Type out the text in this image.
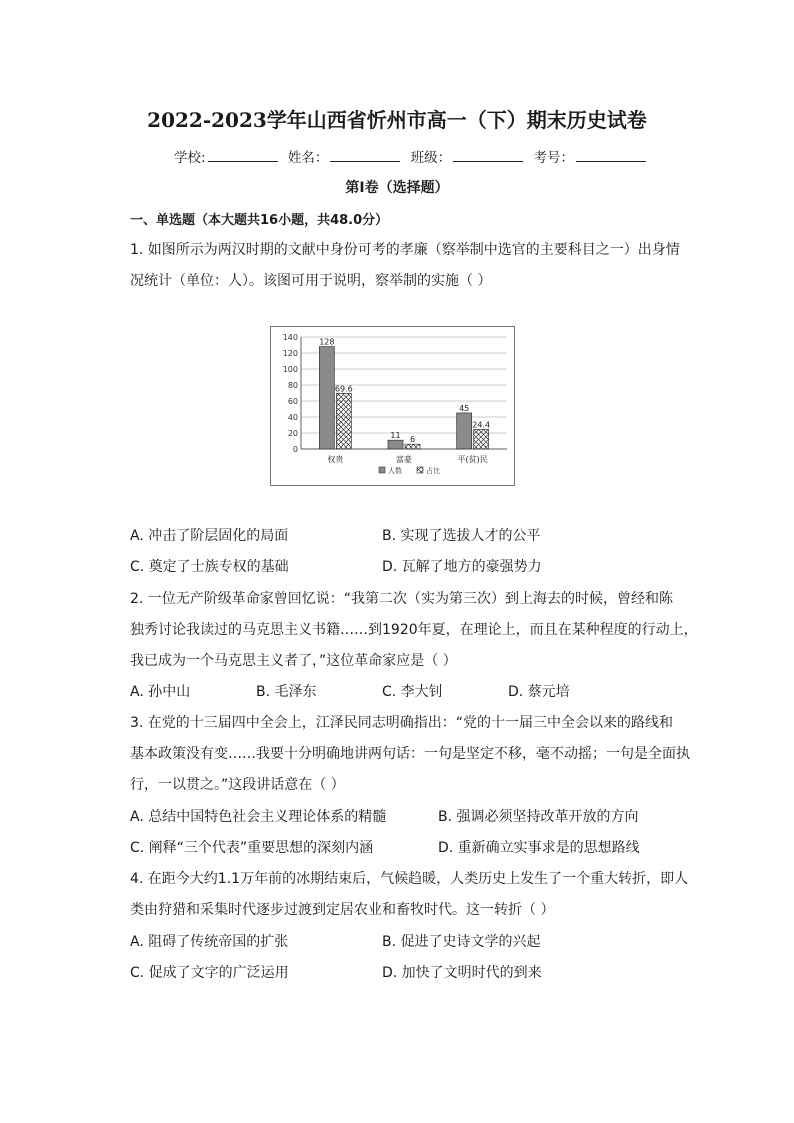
2022-2023学年山西省忻州市高一（下）期末历史试卷
学校:	姓名：	班级：	考号：
第Ⅰ卷（选择题）
一、单选题（本大题共16小题，共48.0分）
1. 如图所示为两汉时期的文献中身份可考的孝廉（察举制中选官的主要科目之一）出身情
况统计（单位：人）。该图可用于说明，察举制的实施（ ）
0
20
40
60
80
100
120
140
128
69.6
权贵
11 6
富豪
45
24.4
平(贫)民
人数	占比
A. 冲击了阶层固化的局面	B. 实现了选拔人才的公平
C. 奠定了士族专权的基础	D. 瓦解了地方的豪强势力
2. 一位无产阶级革命家曾回忆说：“我第二次（实为第三次）到上海去的时候，曾经和陈
独秀讨论我读过的马克思主义书籍……到1920年夏，在理论上，而且在某种程度的行动上，
我已成为一个马克思主义者了，”这位革命家应是（ ）
A. 孙中山	B. 毛泽东	C. 李大钊	D. 蔡元培
3. 在党的十三届四中全会上，江泽民同志明确指出：“党的十一届三中全会以来的路线和
基本政策没有变……我要十分明确地讲两句话：一句是坚定不移，毫不动摇；一句是全面执
行，一以贯之。”这段讲话意在（ ）
A. 总结中国特色社会主义理论体系的精髓	B. 强调必须坚持改革开放的方向
C. 阐释“三个代表”重要思想的深刻内涵	D. 重新确立实事求是的思想路线
4. 在距今大约1.1万年前的冰期结束后，气候趋暖，人类历史上发生了一个重大转折，即人
类由狩猎和采集时代逐步过渡到定居农业和畜牧时代。这一转折（ ）
A. 阻碍了传统帝国的扩张	B. 促进了史诗文学的兴起
C. 促成了文字的广泛运用	D. 加快了文明时代的到来
